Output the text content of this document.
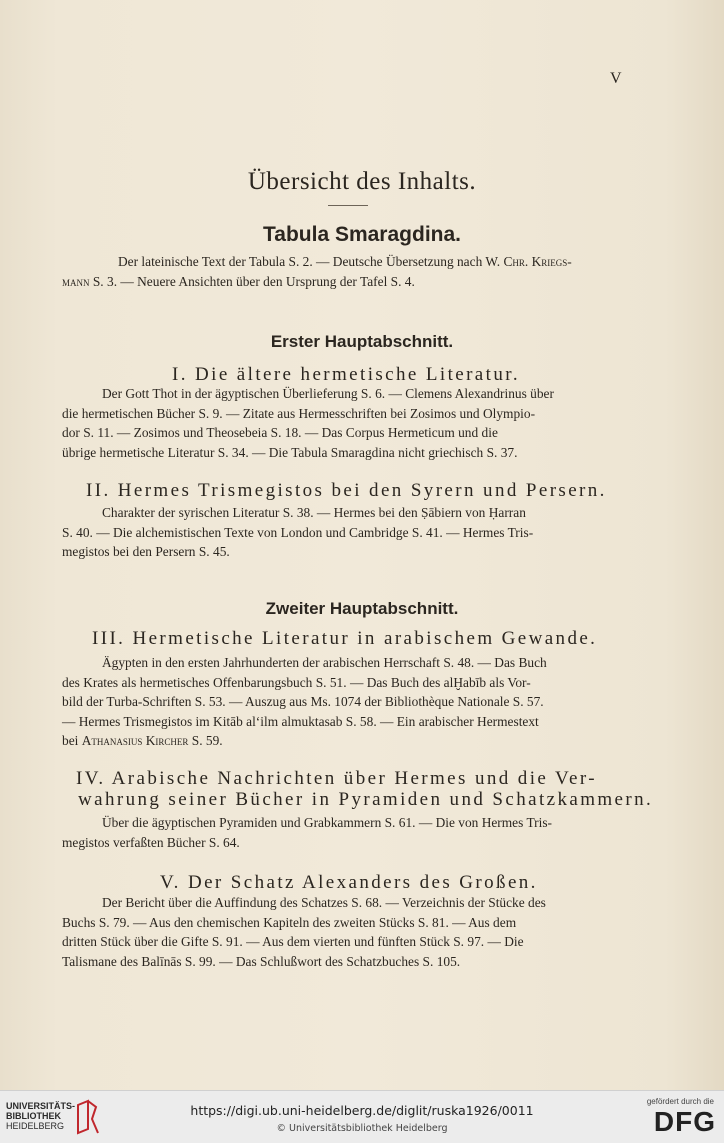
V
Übersicht des Inhalts.
Tabula Smaragdina.
Der lateinische Text der Tabula S. 2. — Deutsche Übersetzung nach W. Chr. Kriegs-
mann S. 3. — Neuere Ansichten über den Ursprung der Tafel S. 4.
Erster Hauptabschnitt.
I. Die ältere hermetische Literatur.
Der Gott Thot in der ägyptischen Überlieferung S. 6. — Clemens Alexandrinus über
die hermetischen Bücher S. 9. — Zitate aus Hermesschriften bei Zosimos und Olympio-
dor S. 11. — Zosimos und Theosebeia S. 18. — Das Corpus Hermeticum und die
übrige hermetische Literatur S. 34. — Die Tabula Smaragdina nicht griechisch S. 37.
II. Hermes Trismegistos bei den Syrern und Persern.
Charakter der syrischen Literatur S. 38. — Hermes bei den Ṣābiern von Ḥarran
S. 40. — Die alchemistischen Texte von London und Cambridge S. 41. — Hermes Tris-
megistos bei den Persern S. 45.
Zweiter Hauptabschnitt.
III. Hermetische Literatur in arabischem Gewande.
Ägypten in den ersten Jahrhunderten der arabischen Herrschaft S. 48. — Das Buch
des Krates als hermetisches Offenbarungsbuch S. 51. — Das Buch des alḪabīb als Vor-
bild der Turba-Schriften S. 53. — Auszug aus Ms. 1074 der Bibliothèque Nationale S. 57.
— Hermes Trismegistos im Kitāb al‘ilm almuktasab S. 58. — Ein arabischer Hermestext
bei Athanasius Kircher S. 59.
IV. Arabische Nachrichten über Hermes und die Ver-
wahrung seiner Bücher in Pyramiden und Schatzkammern.
Über die ägyptischen Pyramiden und Grabkammern S. 61. — Die von Hermes Tris-
megistos verfaßten Bücher S. 64.
V. Der Schatz Alexanders des Großen.
Der Bericht über die Auffindung des Schatzes S. 68. — Verzeichnis der Stücke des
Buchs S. 79. — Aus den chemischen Kapiteln des zweiten Stücks S. 81. — Aus dem
dritten Stück über die Gifte S. 91. — Aus dem vierten und fünften Stück S. 97. — Die
Talismane des Balīnās S. 99. — Das Schlußwort des Schatzbuches S. 105.
UNIVERSITÄTS-
BIBLIOTHEK
HEIDELBERG
https://digi.ub.uni-heidelberg.de/diglit/ruska1926/0011
© Universitätsbibliothek Heidelberg
gefördert durch die
DFG
